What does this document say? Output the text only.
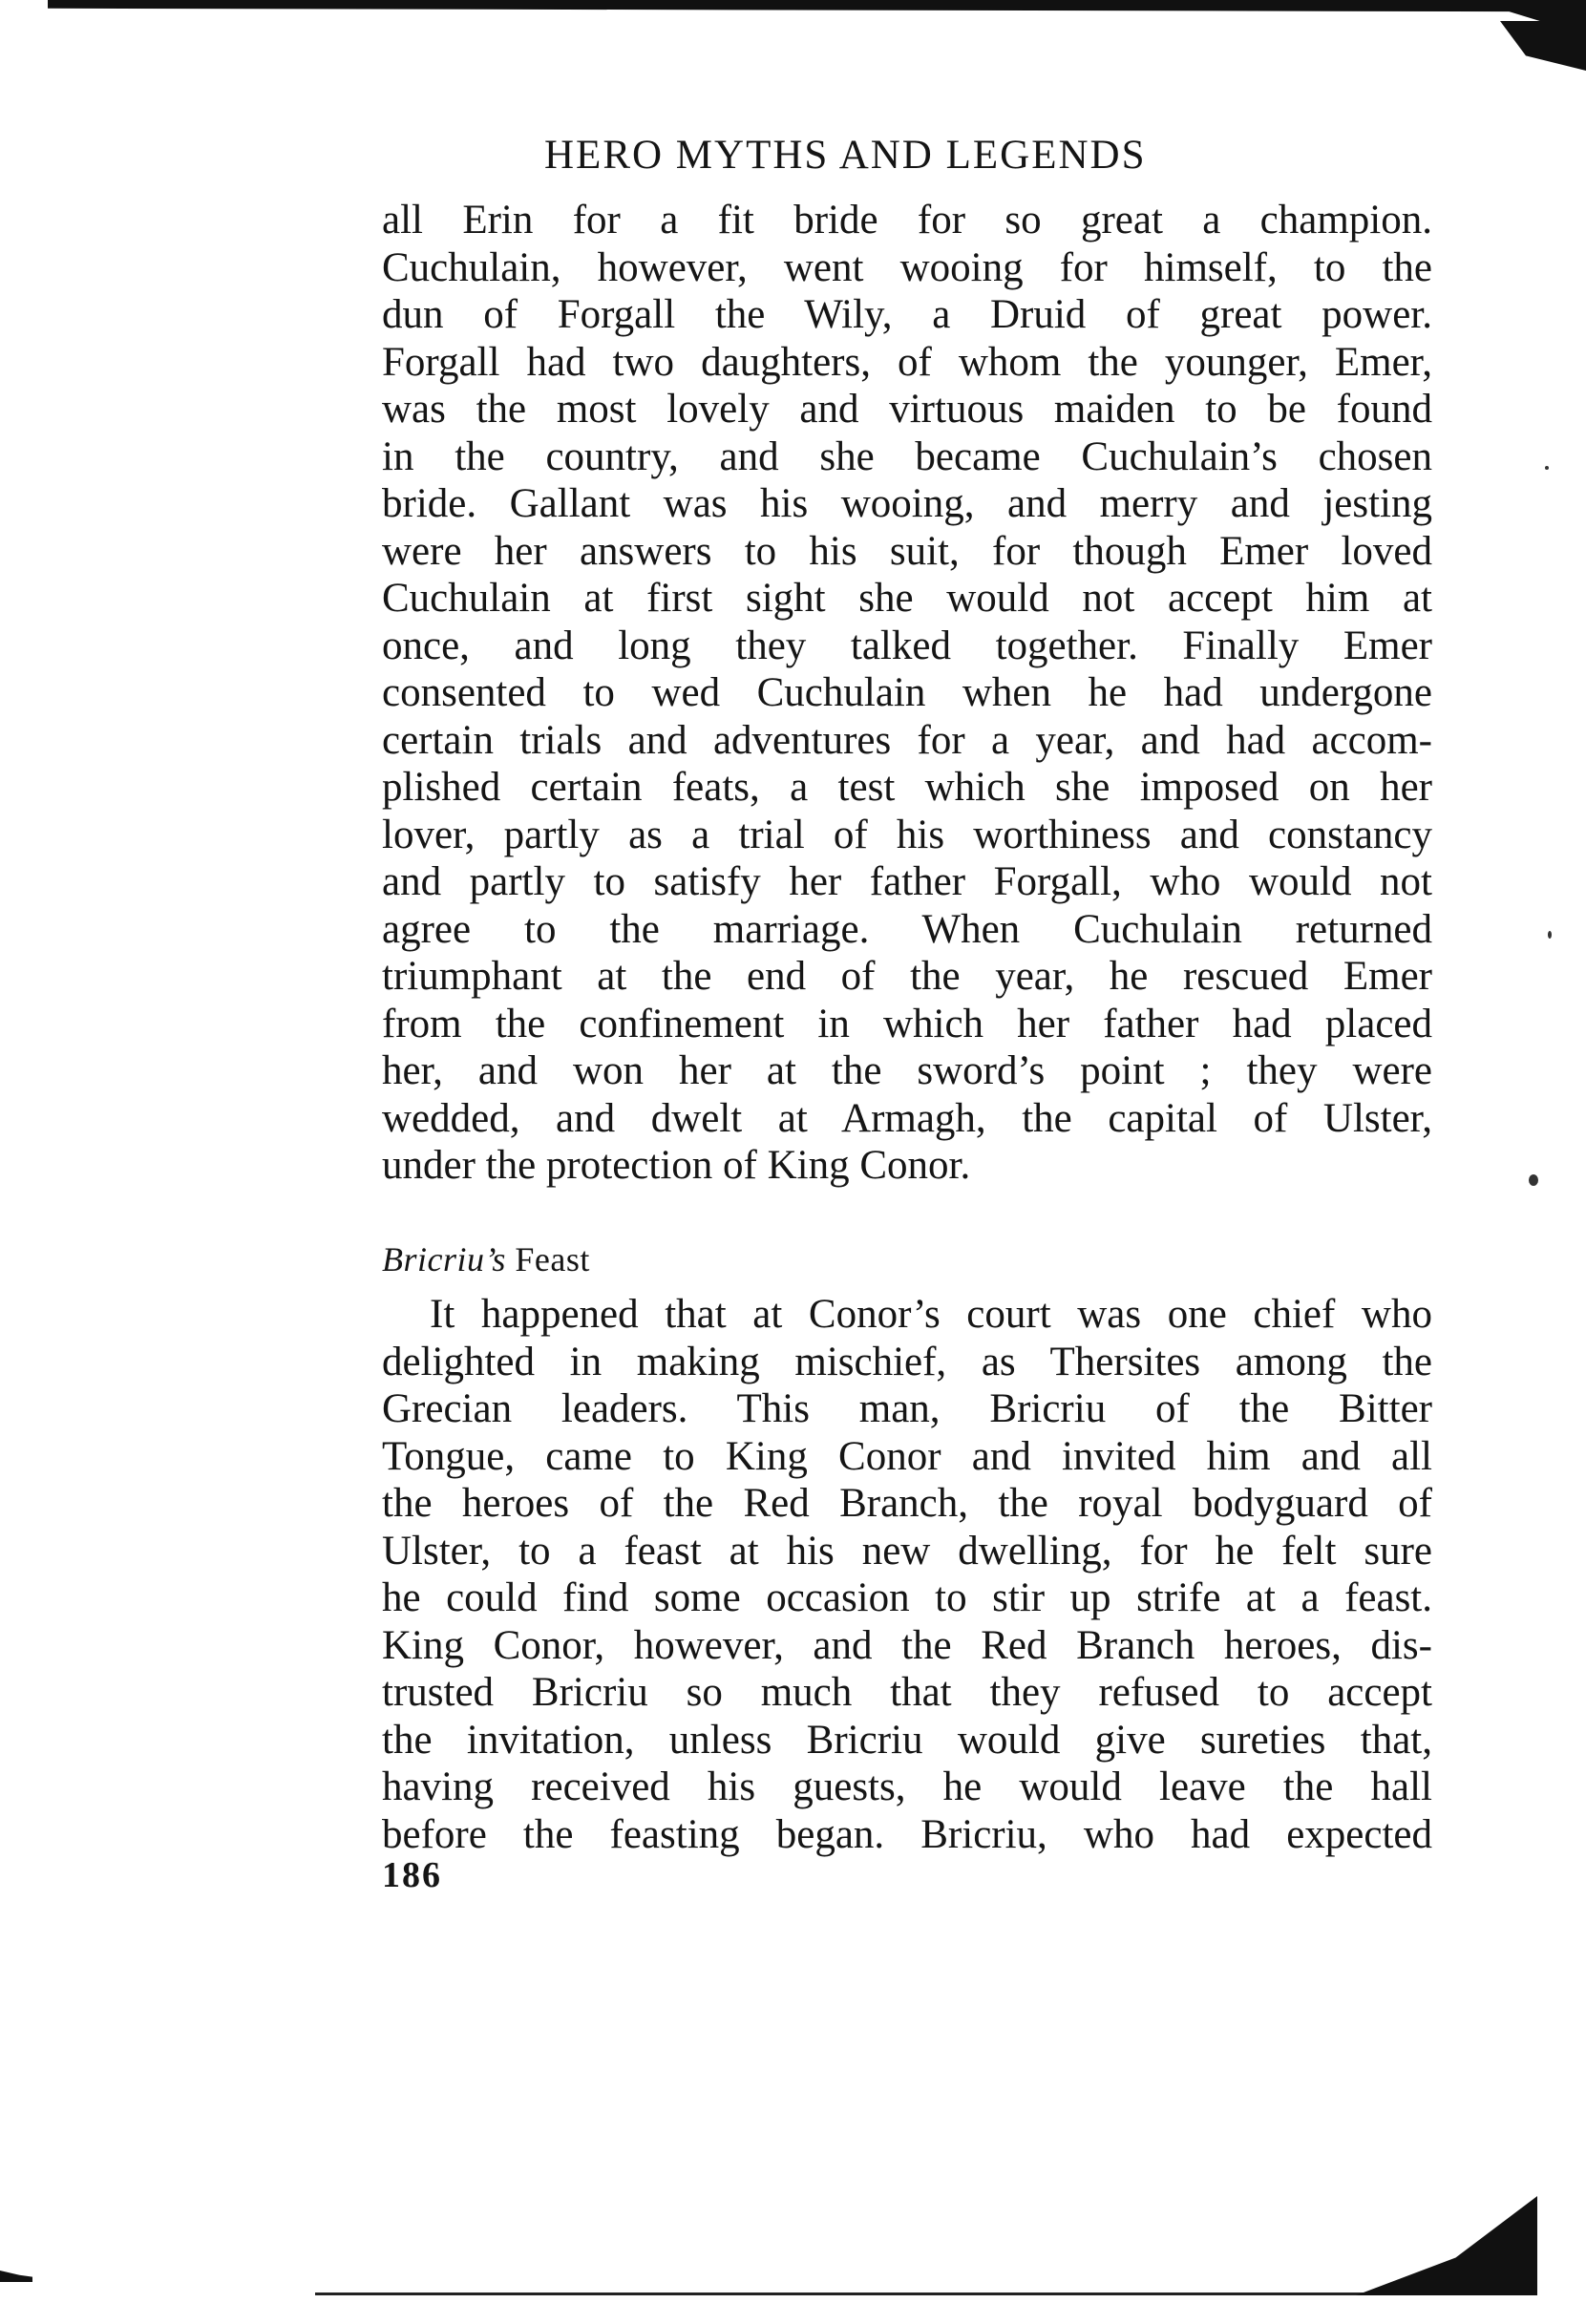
HERO MYTHS AND LEGENDS
all Erin for a fit bride for so great a champion.
Cuchulain, however, went wooing for himself, to the
dun of Forgall the Wily, a Druid of great power.
Forgall had two daughters, of whom the younger, Emer,
was the most lovely and virtuous maiden to be found
in the country, and she became Cuchulain’s chosen
bride. Gallant was his wooing, and merry and jesting
were her answers to his suit, for though Emer loved
Cuchulain at first sight she would not accept him at
once, and long they talked together. Finally Emer
consented to wed Cuchulain when he had undergone
certain trials and adventures for a year, and had accom-
plished certain feats, a test which she imposed on her
lover, partly as a trial of his worthiness and constancy
and partly to satisfy her father Forgall, who would not
agree to the marriage. When Cuchulain returned
triumphant at the end of the year, he rescued Emer
from the confinement in which her father had placed
her, and won her at the sword’s point ; they were
wedded, and dwelt at Armagh, the capital of Ulster,
under the protection of King Conor.
Bricriu’s Feast
It happened that at Conor’s court was one chief who
delighted in making mischief, as Thersites among the
Grecian leaders. This man, Bricriu of the Bitter
Tongue, came to King Conor and invited him and all
the heroes of the Red Branch, the royal bodyguard of
Ulster, to a feast at his new dwelling, for he felt sure
he could find some occasion to stir up strife at a feast.
King Conor, however, and the Red Branch heroes, dis-
trusted Bricriu so much that they refused to accept
the invitation, unless Bricriu would give sureties that,
having received his guests, he would leave the hall
before the feasting began. Bricriu, who had expected
186
